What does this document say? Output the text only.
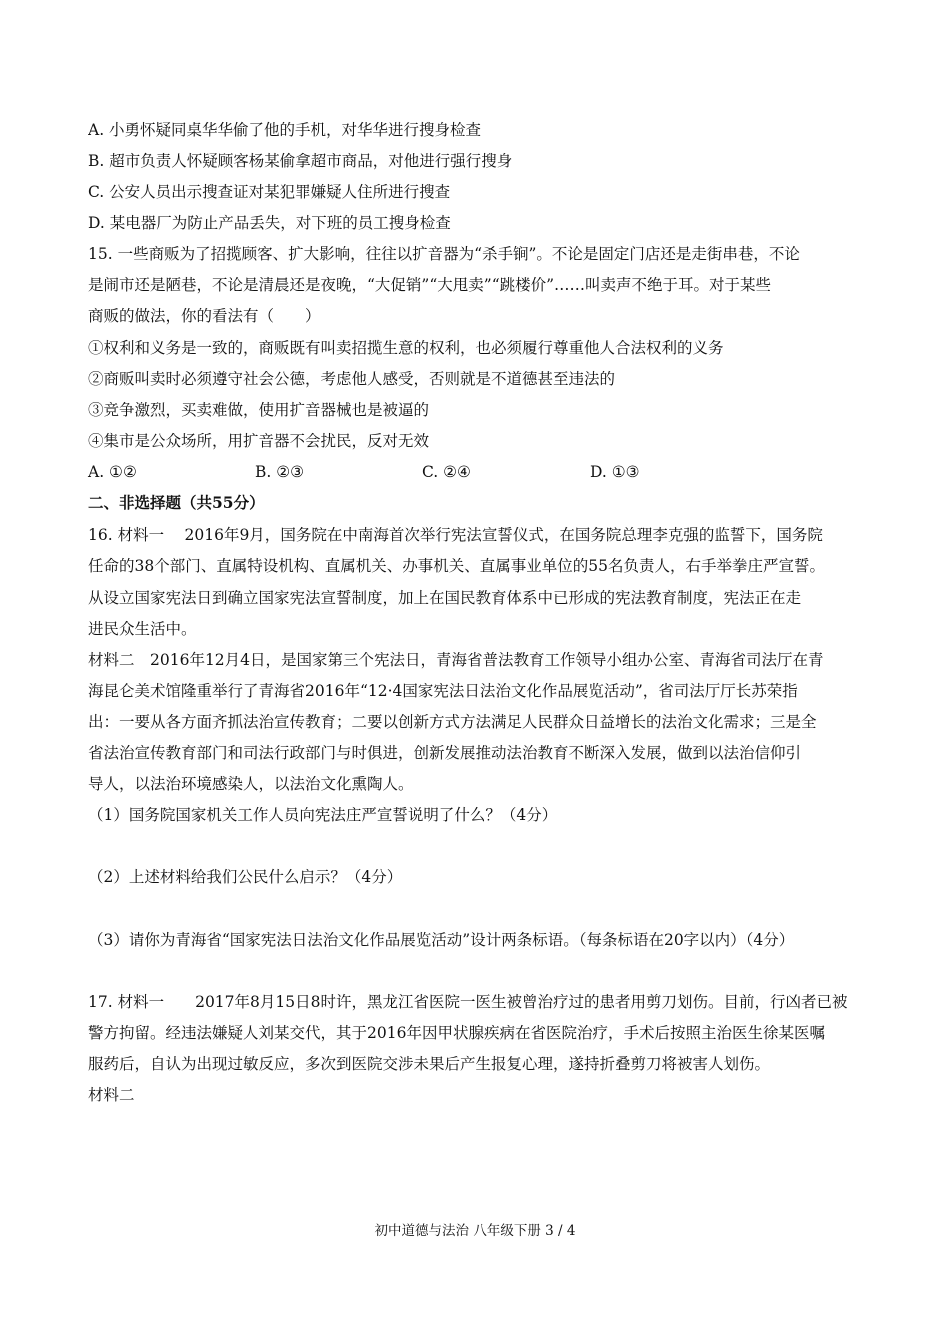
A. 小勇怀疑同桌华华偷了他的手机，对华华进行搜身检查
B. 超市负责人怀疑顾客杨某偷拿超市商品，对他进行强行搜身
C. 公安人员出示搜查证对某犯罪嫌疑人住所进行搜查
D. 某电器厂为防止产品丢失，对下班的员工搜身检查
15. 一些商贩为了招揽顾客、扩大影响，往往以扩音器为“杀手锏”。不论是固定门店还是走街串巷，不论
是闹市还是陋巷，不论是清晨还是夜晚，“大促销”“大甩卖”“跳楼价”……叫卖声不绝于耳。对于某些
商贩的做法，你的看法有（　　）
①权利和义务是一致的，商贩既有叫卖招揽生意的权利，也必须履行尊重他人合法权利的义务
②商贩叫卖时必须遵守社会公德，考虑他人感受，否则就是不道德甚至违法的
③竞争激烈，买卖难做，使用扩音器械也是被逼的
④集市是公众场所，用扩音器不会扰民，反对无效
A. ①②	B. ②③	C. ②④	D. ①③
二、非选择题（共55分）
16. 材料一　 2016年9月，国务院在中南海首次举行宪法宣誓仪式，在国务院总理李克强的监誓下，国务院
任命的38个部门、直属特设机构、直属机关、办事机关、直属事业单位的55名负责人，右手举拳庄严宣誓。
从设立国家宪法日到确立国家宪法宣誓制度，加上在国民教育体系中已形成的宪法教育制度，宪法正在走
进民众生活中。
材料二　2016年12月4日，是国家第三个宪法日，青海省普法教育工作领导小组办公室、青海省司法厅在青
海昆仑美术馆隆重举行了青海省2016年“12·4国家宪法日法治文化作品展览活动”，省司法厅厅长苏荣指
出：一要从各方面齐抓法治宣传教育；二要以创新方式方法满足人民群众日益增长的法治文化需求；三是全
省法治宣传教育部门和司法行政部门与时俱进，创新发展推动法治教育不断深入发展，做到以法治信仰引
导人，以法治环境感染人，以法治文化熏陶人。
（1）国务院国家机关工作人员向宪法庄严宣誓说明了什么？（4分）
（2）上述材料给我们公民什么启示？（4分）
（3）请你为青海省“国家宪法日法治文化作品展览活动”设计两条标语。（每条标语在20字以内）（4分）
17. 材料一　　2017年8月15日8时许，黑龙江省医院一医生被曾治疗过的患者用剪刀划伤。目前，行凶者已被
警方拘留。经违法嫌疑人刘某交代，其于2016年因甲状腺疾病在省医院治疗，手术后按照主治医生徐某医嘱
服药后，自认为出现过敏反应，多次到医院交涉未果后产生报复心理，遂持折叠剪刀将被害人划伤。
材料二
初中道德与法治 八年级下册 3 / 4
